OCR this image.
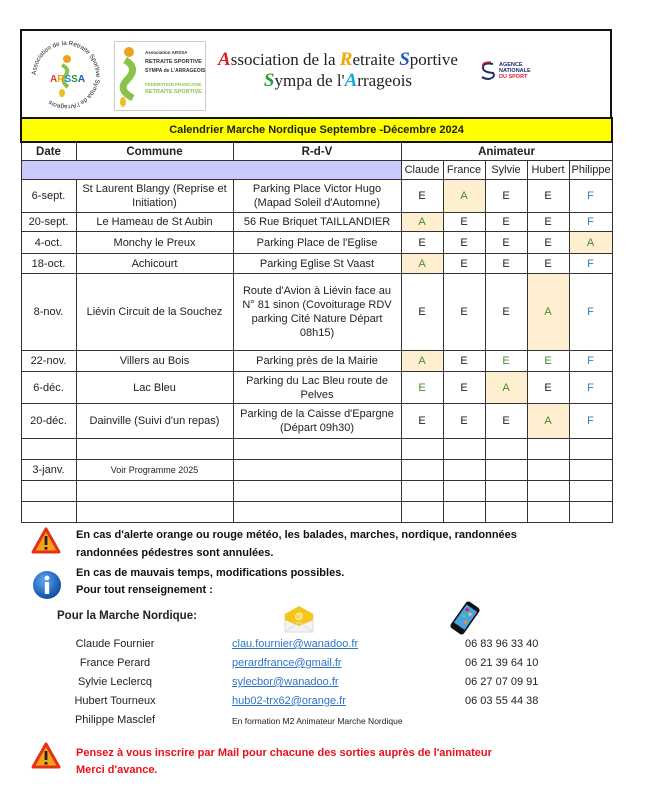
Association de la Retraite Sportive Sympa de l'Arrageois
ARSSA
Association ARSSA
RETRAITE SPORTIVE
SYMPA de L'ARRAGEOIS
FEDERATION FRANCAISE
RETRAITE SPORTIVE
Association de la Retraite Sportive
Sympa de l'Arrageois
AGENCE
NATIONALE
DU SPORT
Calendrier Marche Nordique Septembre -Décembre 2024							
Date	Commune	R-d-V	Animateur				
			Claude	France	Sylvie	Hubert	Philippe
6-sept.	St Laurent Blangy (Reprise et Initiation)	Parking Place Victor Hugo (Mapad Soleil d'Automne)	E	A	E	E	F
20-sept.	Le Hameau de St Aubin	56 Rue Briquet TAILLANDIER	A	E	E	E	F
4-oct.	Monchy le Preux	Parking Place de l'Eglise	E	E	E	E	A
18-oct.	Achicourt	Parking Eglise St Vaast	A	E	E	E	F
8-nov.	Liévin Circuit de la Souchez	Route d'Avion à Liévin face au N° 81 sinon (Covoiturage RDV parking Cité Nature Départ 08h15)	E	E	E	A	F
22-nov.	Villers au Bois	Parking près de la Mairie	A	E	E	E	F
6-déc.	Lac Bleu	Parking du Lac Bleu route de Pelves	E	E	A	E	F
20-déc.	Dainville (Suivi d'un repas)	Parking de la Caisse d'Epargne (Départ 09h30)	E	E	E	A	F

3-janv.	Voir Programme 2025						

En cas d'alerte orange ou rouge météo, les balades, marches, nordique, randonnées
randonnées pédestres sont annulées.
En cas de mauvais temps, modifications possibles.
Pour tout renseignement :
Pour la Marche Nordique:	@
Claude Fournier	clau.fournier@wanadoo.fr	06 83 96 33 40
France Perard	perardfrance@gmail.fr	06 21 39 64 10
Sylvie Leclercq	sylecbor@wanadoo.fr	06 27 07 09 91
Hubert Tourneux	hub02-trx62@orange.fr	06 03 55 44 38
Philippe Masclef	En formation M2 Animateur Marche Nordique
Pensez à vous inscrire par Mail pour chacune des sorties auprès de l'animateur
Merci d'avance.
